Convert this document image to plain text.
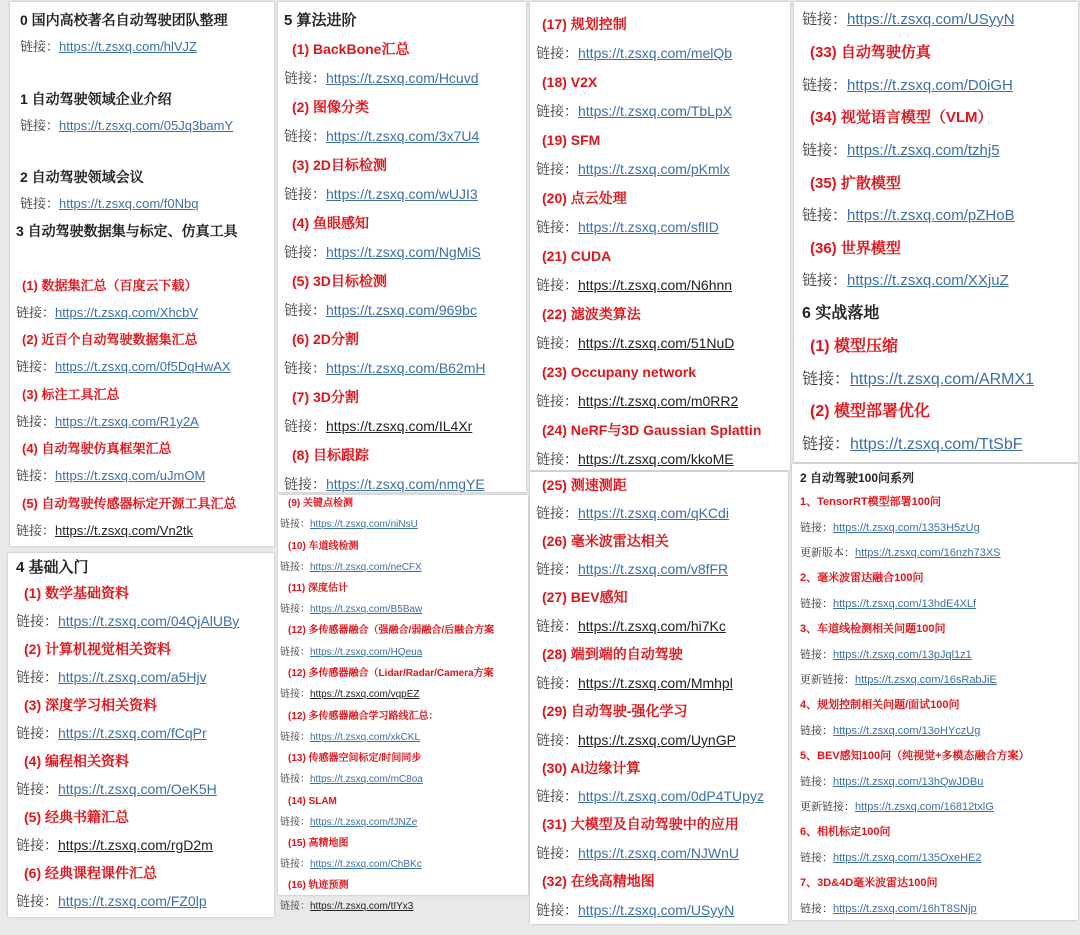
0 国内高校著名自动驾驶团队整理
链接：https://t.zsxq.com/hlVJZ
1 自动驾驶领域企业介绍
链接：https://t.zsxq.com/05Jq3bamY
2 自动驾驶领域会议
链接：https://t.zsxq.com/f0Nbq
3 自动驾驶数据集与标定、仿真工具
(1) 数据集汇总（百度云下载）
链接：https://t.zsxq.com/XhcbV
(2) 近百个自动驾驶数据集汇总
链接：https://t.zsxq.com/0f5DqHwAX
(3) 标注工具汇总
链接：https://t.zsxq.com/R1y2A
(4) 自动驾驶仿真框架汇总
链接：https://t.zsxq.com/uJmOM
(5) 自动驾驶传感器标定开源工具汇总
链接：https://t.zsxq.com/Vn2tk
4 基础入门
(1) 数学基础资料
链接：https://t.zsxq.com/04QjAlUBy
(2) 计算机视觉相关资料
链接：https://t.zsxq.com/a5Hjv
(3) 深度学习相关资料
链接：https://t.zsxq.com/fCqPr
(4) 编程相关资料
链接：https://t.zsxq.com/OeK5H
(5) 经典书籍汇总
链接：https://t.zsxq.com/rgD2m
(6) 经典课程课件汇总
链接：https://t.zsxq.com/FZ0lp
5 算法进阶
(1) BackBone汇总
链接：https://t.zsxq.com/Hcuvd
(2) 图像分类
链接：https://t.zsxq.com/3x7U4
(3) 2D目标检测
链接：https://t.zsxq.com/wUJI3
(4) 鱼眼感知
链接：https://t.zsxq.com/NgMiS
(5) 3D目标检测
链接：https://t.zsxq.com/969bc
(6) 2D分割
链接：https://t.zsxq.com/B62mH
(7) 3D分割
链接：https://t.zsxq.com/IL4Xr
(8) 目标跟踪
链接：https://t.zsxq.com/nmgYE
(9) 关键点检测
链接：https://t.zsxq.com/niNsU
(10) 车道线检测
链接：https://t.zsxq.com/neCFX
(11) 深度估计
链接：https://t.zsxq.com/B5Baw
(12) 多传感器融合（强融合/弱融合/后融合方案
链接：https://t.zsxq.com/HQeua
(12) 多传感器融合（Lidar/Radar/Camera方案
链接：https://t.zsxq.com/vqpEZ
(12) 多传感器融合学习路线汇总：
链接：https://t.zsxq.com/xkCKL
(13) 传感器空间标定/时间同步
链接：https://t.zsxq.com/mC8oa
(14) SLAM
链接：https://t.zsxq.com/fJNZe
(15) 高精地图
链接：https://t.zsxq.com/ChBKc
(16) 轨迹预测
链接：https://t.zsxq.com/tIYx3
(17) 规划控制
链接：https://t.zsxq.com/melQb
(18) V2X
链接：https://t.zsxq.com/TbLpX
(19) SFM
链接：https://t.zsxq.com/pKmlx
(20) 点云处理
链接：https://t.zsxq.com/sflID
(21) CUDA
链接：https://t.zsxq.com/N6hnn
(22) 滤波类算法
链接：https://t.zsxq.com/51NuD
(23) Occupany network
链接：https://t.zsxq.com/m0RR2
(24) NeRF与3D Gaussian Splattin
链接：https://t.zsxq.com/kkoME
(25) 测速测距
链接：https://t.zsxq.com/qKCdi
(26) 毫米波雷达相关
链接：https://t.zsxq.com/v8fFR
(27) BEV感知
链接：https://t.zsxq.com/hi7Kc
(28) 端到端的自动驾驶
链接：https://t.zsxq.com/Mmhpl
(29) 自动驾驶-强化学习
链接：https://t.zsxq.com/UynGP
(30) AI边缘计算
链接：https://t.zsxq.com/0dP4TUpyz
(31) 大模型及自动驾驶中的应用
链接：https://t.zsxq.com/NJWnU
(32) 在线高精地图
链接：https://t.zsxq.com/USyyN
链接：https://t.zsxq.com/USyyN
(33) 自动驾驶仿真
链接：https://t.zsxq.com/D0iGH
(34) 视觉语言模型（VLM）
链接：https://t.zsxq.com/tzhj5
(35) 扩散模型
链接：https://t.zsxq.com/pZHoB
(36) 世界模型
链接：https://t.zsxq.com/XXjuZ
6 实战落地
(1) 模型压缩
链接：https://t.zsxq.com/ARMX1
(2) 模型部署优化
链接：https://t.zsxq.com/TtSbF
2 自动驾驶100问系列
1、TensorRT模型部署100问
链接：https://t.zsxq.com/1353H5zUg
更新版本：https://t.zsxq.com/16nzh73XS
2、毫米波雷达融合100问
链接：https://t.zsxq.com/13hdE4XLf
3、车道线检测相关问题100问
链接：https://t.zsxq.com/13pJql1z1
更新链接：https://t.zsxq.com/16sRabJiE
4、规划控制相关问题/面试100问
链接：https://t.zsxq.com/13oHYczUg
5、BEV感知100问（纯视觉+多模态融合方案）
链接：https://t.zsxq.com/13hQwJDBu
更新链接：https://t.zsxq.com/16812txlG
6、相机标定100问
链接：https://t.zsxq.com/135OxeHE2
7、3D&4D毫米波雷达100问
链接：https://t.zsxq.com/16hT8SNjp
